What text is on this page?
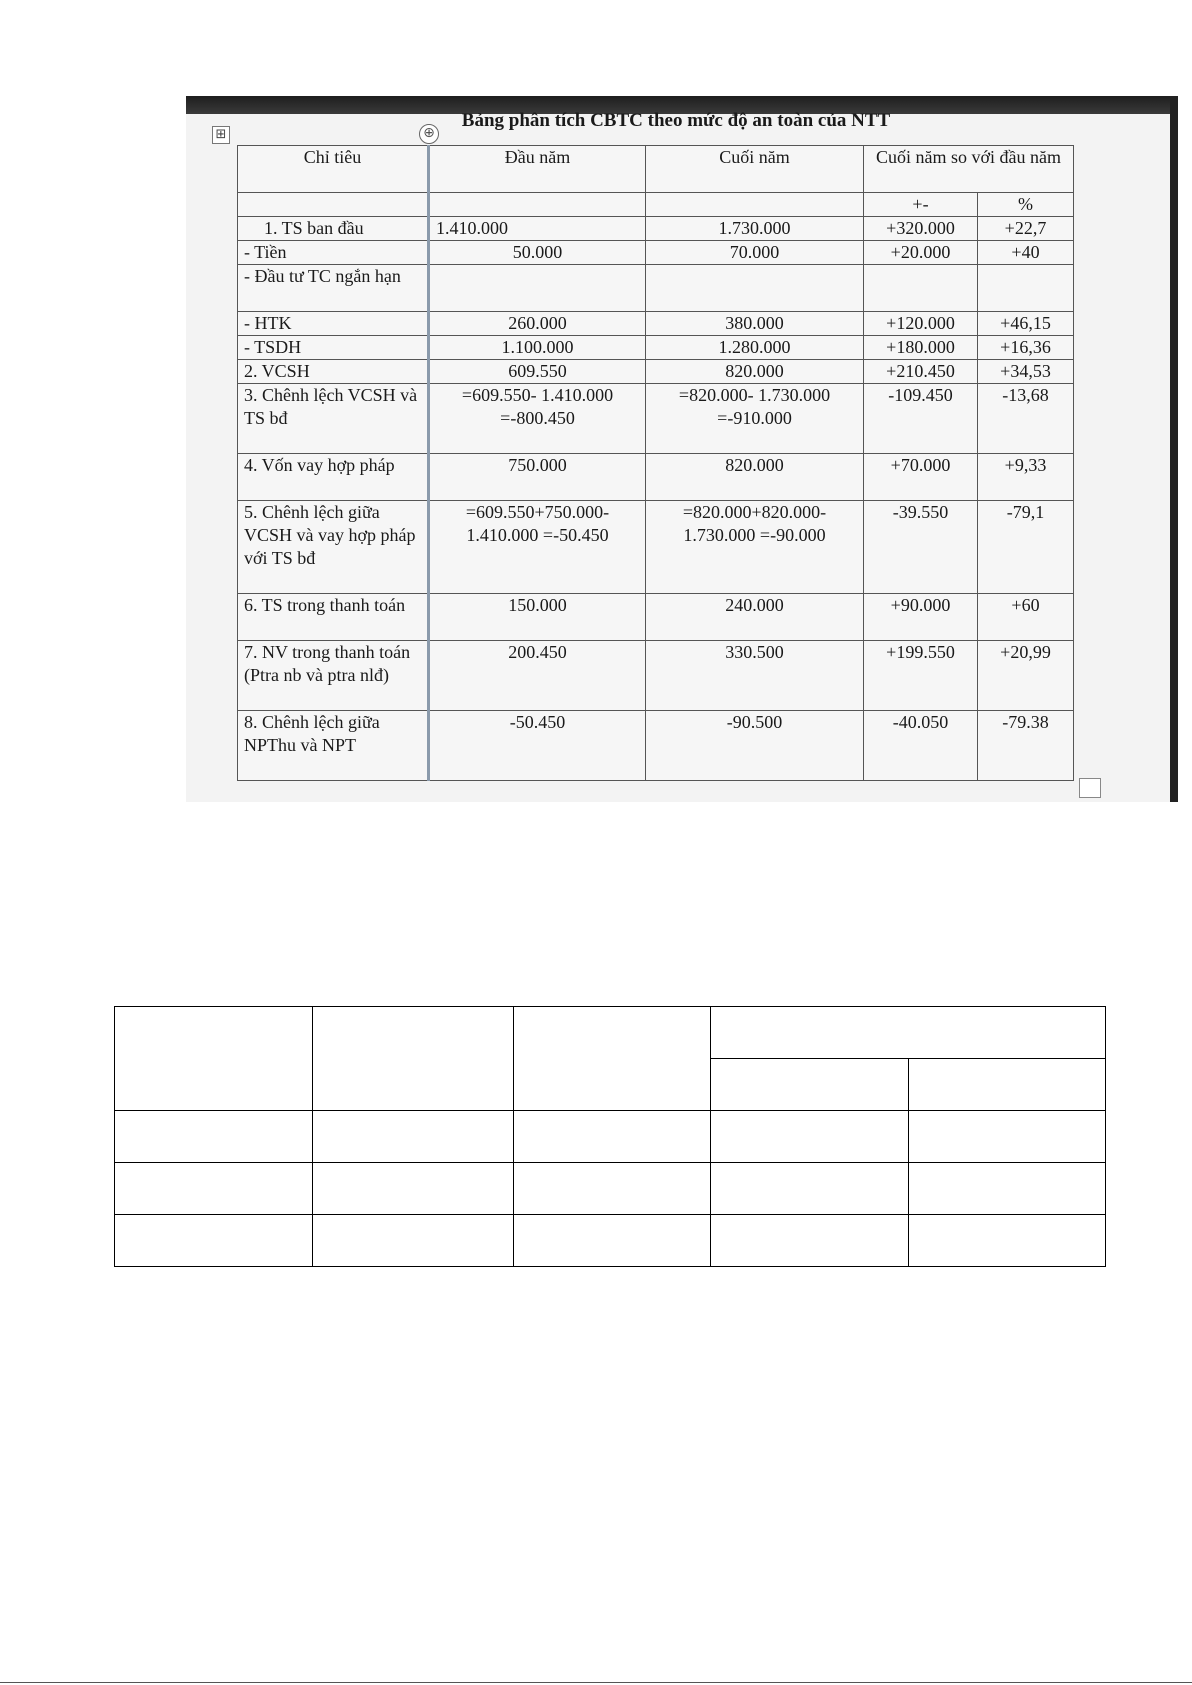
Bảng phân tích CBTC theo mức độ an toàn của NTT
⊞	⊕
Chỉ tiêu	Đầu năm	Cuối năm	Cuối năm so với đầu năm	
			+-	%
1. TS ban đầu	1.410.000	1.730.000	+320.000	+22,7
- Tiền	50.000	70.000	+20.000	+40
- Đầu tư TC ngắn hạn				
- HTK	260.000	380.000	+120.000	+46,15
- TSDH	1.100.000	1.280.000	+180.000	+16,36
2. VCSH	609.550	820.000	+210.450	+34,53
3. Chênh lệch VCSH và TS bđ	=609.550- 1.410.000 =-800.450	=820.000- 1.730.000 =-910.000	-109.450	-13,68
4. Vốn vay hợp pháp	750.000	820.000	+70.000	+9,33
5. Chênh lệch giữa VCSH và vay hợp pháp với TS bđ	=609.550+750.000- 1.410.000 =-50.450	=820.000+820.000- 1.730.000 =-90.000	-39.550	-79,1
6. TS trong thanh toán	150.000	240.000	+90.000	+60
7. NV trong thanh toán (Ptra nb và ptra nlđ)	200.450	330.500	+199.550	+20,99
8. Chênh lệch giữa NPThu và NPT	-50.450	-90.500	-40.050	-79.38
